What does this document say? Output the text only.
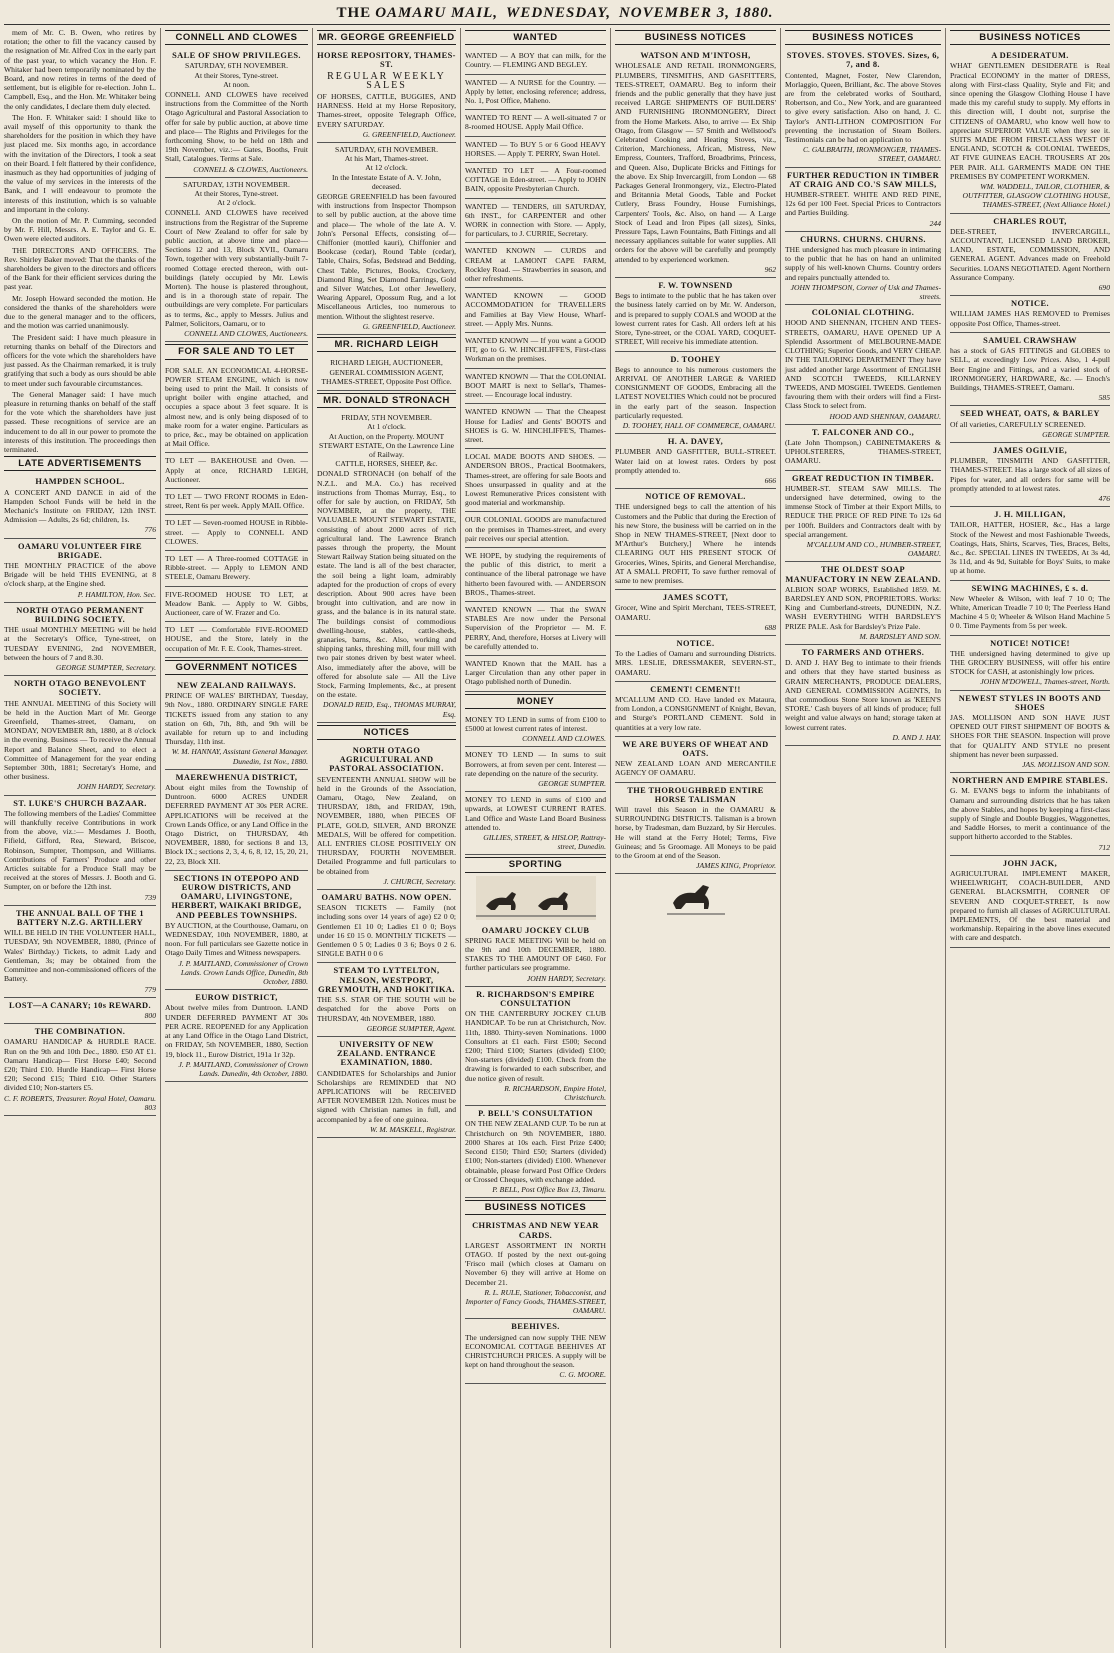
THE OAMARU MAIL, WEDNESDAY, NOVEMBER 3, 1880.

mem of Mr. C. B. Owen, who retires by rotation; the other to fill the vacancy caused by the resignation of Mr. Alfred Cox in the early part of the past year, to which vacancy the Hon. F. Whitaker had been temporarily nominated by the Board, and now retires in terms of the deed of settlement, but is eligible for re-election. John L. Campbell, Esq., and the Hon. Mr. Whitaker being the only candidates, I declare them duly elected.

The Hon. F. Whitaker said: I should like to avail myself of this opportunity to thank the shareholders for the position in which they have just placed me. Six months ago, in accordance with the invitation of the Directors, I took a seat on their Board. I felt flattered by their confidence, inasmuch as they had opportunities of judging of the value of my services in the interests of the Bank, and I will endeavour to promote the interests of this institution, which is so valuable and important in the colony.

On the motion of Mr. P. Cumming, seconded by Mr. F. Hill, Messrs. A. E. Taylor and G. E. Owen were elected auditors.

THE DIRECTORS AND OFFICERS. The Rev. Shirley Baker moved: That the thanks of the shareholders be given to the directors and officers of the Bank for their efficient services during the past year.

Mr. Joseph Howard seconded the motion. He considered the thanks of the shareholders were due to the general manager and to the officers, and the motion was carried unanimously.

The President said: I have much pleasure in returning thanks on behalf of the Directors and officers for the vote which the shareholders have just passed. As the Chairman remarked, it is truly gratifying that such a body as ours should be able to meet under such favourable circumstances.

The General Manager said: I have much pleasure in returning thanks on behalf of the staff for the vote which the shareholders have just passed. These recognitions of service are an inducement to do all in our power to promote the interests of this institution. The proceedings then terminated.

LATE ADVERTISEMENTS
HAMPDEN SCHOOL.

A CONCERT AND DANCE in aid of the Hampden School Funds will be held in the Mechanic's Institute on FRIDAY, 12th INST. Admission — Adults, 2s 6d; children, 1s.

776
OAMARU VOLUNTEER FIRE BRIGADE.

THE MONTHLY PRACTICE of the above Brigade will be held THIS EVENING, at 8 o'clock sharp, at the Engine shed.

P. HAMILTON, Hon. Sec.
NORTH OTAGO PERMANENT BUILDING SOCIETY.

THE usual MONTHLY MEETING will be held at the Secretary's Office, Tyne-street, on TUESDAY EVENING, 2nd NOVEMBER, between the hours of 7 and 8.30.

GEORGE SUMPTER, Secretary.
NORTH OTAGO BENEVOLENT SOCIETY.

THE ANNUAL MEETING of this Society will be held in the Auction Mart of Mr. George Greenfield, Thames-street, Oamaru, on MONDAY, NOVEMBER 8th, 1880, at 8 o'clock in the evening. Business — To receive the Annual Report and Balance Sheet, and to elect a Committee of Management for the year ending September 30th, 1881; Secretary's Home, and other business.

JOHN HARDY, Secretary.
ST. LUKE'S CHURCH BAZAAR.

The following members of the Ladies' Committee will thankfully receive Contributions in work from the above, viz.:— Mesdames J. Booth, Fifield, Gifford, Rea, Steward, Briscoe, Robinson, Sumpter, Thompson, and Williams. Contributions of Farmers' Produce and other Articles suitable for a Produce Stall may be received at the stores of Messrs. J. Booth and G. Sumpter, on or before the 12th inst.

739
THE ANNUAL BALL OF THE 1 BATTERY N.Z.G. ARTILLERY

WILL BE HELD IN THE VOLUNTEER HALL, TUESDAY, 9th NOVEMBER, 1880, (Prince of Wales' Birthday.) Tickets, to admit Lady and Gentleman, 3s; may be obtained from the Committee and non-commissioned officers of the Battery.

779
LOST—A CANARY; 10s REWARD.
800
THE COMBINATION.

OAMARU HANDICAP & HURDLE RACE. Run on the 9th and 10th Dec., 1880. £50 AT £1. Oamaru Handicap— First Horse £40; Second £20; Third £10. Hurdle Handicap— First Horse £20; Second £15; Third £10. Other Starters divided £10; Non-starters £5.

C. F. ROBERTS, Treasurer. Royal Hotel, Oamaru. 803
CONNELL AND CLOWES
SALE OF SHOW PRIVILEGES.
SATURDAY, 6TH NOVEMBER.
At their Stores, Tyne-street.
At noon.

CONNELL AND CLOWES have received instructions from the Committee of the North Otago Agricultural and Pastoral Association to offer for sale by public auction, at above time and place— The Rights and Privileges for the forthcoming Show, to be held on 18th and 19th November, viz.:— Gates, Booths, Fruit Stall, Catalogues. Terms at Sale.

CONNELL & CLOWES, Auctioneers.
SATURDAY, 13TH NOVEMBER.
At their Stores, Tyne-street.
At 2 o'clock.

CONNELL AND CLOWES have received instructions from the Registrar of the Supreme Court of New Zealand to offer for sale by public auction, at above time and place— Sections 12 and 13, Block XVII., Oamaru Town, together with very substantially-built 7-roomed Cottage erected thereon, with out-buildings (lately occupied by Mr. Lewis Morten). The house is plastered throughout, and is in a thorough state of repair. The outbuildings are very complete. For particulars as to terms, &c., apply to Messrs. Julius and Palmer, Solicitors, Oamaru, or to

CONNELL AND CLOWES, Auctioneers.
FOR SALE AND TO LET

FOR SALE. AN ECONOMICAL 4-HORSE-POWER STEAM ENGINE, which is now being used to print the Mail. It consists of upright boiler with engine attached, and occupies a space about 3 feet square. It is almost new, and is only being disposed of to make room for a water engine. Particulars as to price, &c., may be obtained on application at Mail Office.

TO LET — BAKEHOUSE and Oven. — Apply at once, RICHARD LEIGH, Auctioneer.

TO LET — TWO FRONT ROOMS in Eden-street, Rent 6s per week. Apply MAIL Office.

TO LET — Seven-roomed HOUSE in Ribble-street. — Apply to CONNELL AND CLOWES.

TO LET — A Three-roomed COTTAGE in Ribble-street. — Apply to LEMON AND STEELE, Oamaru Brewery.

FIVE-ROOMED HOUSE TO LET, at Meadow Bank. — Apply to W. Gibbs, Auctioneer, care of W. Frazer and Co.

TO LET — Comfortable FIVE-ROOMED HOUSE, and the Store, lately in the occupation of Mr. F. E. Cook, Thames-street.

GOVERNMENT NOTICES
NEW ZEALAND RAILWAYS.

PRINCE OF WALES' BIRTHDAY, Tuesday, 9th Nov., 1880. ORDINARY SINGLE FARE TICKETS issued from any station to any station on 6th, 7th, 8th, and 9th will be available for return up to and including Thursday, 11th inst.

W. M. HANNAY, Assistant General Manager. Dunedin, 1st Nov., 1880.
MAEREWHENUA DISTRICT,

About eight miles from the Township of Duntroon. 6000 ACRES UNDER DEFERRED PAYMENT AT 30s PER ACRE. APPLICATIONS will be received at the Crown Lands Office, or any Land Office in the Otago District, on THURSDAY, 4th NOVEMBER, 1880, for sections 8 and 13, Block IX.; sections 2, 3, 4, 6, 8, 12, 15, 20, 21, 22, 23, Block XII.

SECTIONS IN OTEPOPO AND EUROW DISTRICTS, AND OAMARU, LIVINGSTONE, HERBERT, WAIKAKI BRIDGE, AND PEEBLES TOWNSHIPS.

BY AUCTION, at the Courthouse, Oamaru, on WEDNESDAY, 10th NOVEMBER, 1880, at noon. For full particulars see Gazette notice in Otago Daily Times and Witness newspapers.

J. P. MAITLAND, Commissioner of Crown Lands. Crown Lands Office, Dunedin, 8th October, 1880.
EUROW DISTRICT,

About twelve miles from Duntroon. LAND UNDER DEFERRED PAYMENT AT 30s PER ACRE. REOPENED for any Application at any Land Office in the Otago Land District, on FRIDAY, 5th NOVEMBER, 1880, Section 19, block 11., Eurow District, 191a 1r 32p.

J. P. MAITLAND, Commissioner of Crown Lands. Dunedin, 4th October, 1880.
MR. GEORGE GREENFIELD
HORSE REPOSITORY, THAMES-ST.
REGULAR WEEKLY SALES

OF HORSES, CATTLE, BUGGIES, AND HARNESS. Held at my Horse Repository, Thames-street, opposite Telegraph Office, EVERY SATURDAY.

G. GREENFIELD, Auctioneer.
SATURDAY, 6TH NOVEMBER.
At his Mart, Thames-street.
At 12 o'clock.
In the Intestate Estate of A. V. John, deceased.

GEORGE GREENFIELD has been favoured with instructions from Inspector Thompson to sell by public auction, at the above time and place— The whole of the late A. V. John's Personal Effects, consisting of— Chiffonier (mottled kauri), Chiffonier and Bookcase (cedar), Round Table (cedar), Table, Chairs, Sofas, Bedstead and Bedding, Chest Table, Pictures, Books, Crockery, Diamond Ring, Set Diamond Earrings, Gold and Silver Watches, Lot other Jewellery, Wearing Apparel, Opossum Rug, and a lot Miscellaneous Articles, too numerous to mention. Without the slightest reserve.

G. GREENFIELD, Auctioneer.
MR. RICHARD LEIGH

RICHARD LEIGH, AUCTIONEER, GENERAL COMMISSION AGENT, THAMES-STREET, Opposite Post Office.

MR. DONALD STRONACH
FRIDAY, 5TH NOVEMBER.
At 1 o'clock.
At Auction, on the Property. MOUNT STEWART ESTATE, On the Lawrence Line of Railway.
CATTLE, HORSES, SHEEP, &c.

DONALD STRONACH (on behalf of the N.Z.L. and M.A. Co.) has received instructions from Thomas Murray, Esq., to offer for sale by auction, on FRIDAY, 5th NOVEMBER, at the property, THE VALUABLE MOUNT STEWART ESTATE, consisting of about 2000 acres of rich agricultural land. The Lawrence Branch passes through the property, the Mount Stewart Railway Station being situated on the estate. The land is all of the best character, the soil being a light loam, admirably adapted for the production of crops of every description. About 900 acres have been brought into cultivation, and are now in grass, and the balance is in its natural state. The buildings consist of commodious dwelling-house, stables, cattle-sheds, granaries, barns, &c. Also, working and shipping tanks, threshing mill, four mill with two pair stones driven by best water wheel. Also, immediately after the above, will be offered for absolute sale — All the Live Stock, Farming Implements, &c., at present on the estate.

DONALD REID, Esq., THOMAS MURRAY, Esq.
NOTICES
NORTH OTAGO AGRICULTURAL AND PASTORAL ASSOCIATION.

SEVENTEENTH ANNUAL SHOW will be held in the Grounds of the Association, Oamaru, Otago, New Zealand, on THURSDAY, 18th, and FRIDAY, 19th, NOVEMBER, 1880, when PIECES OF PLATE, GOLD, SILVER, AND BRONZE MEDALS, Will be offered for competition. ALL ENTRIES CLOSE POSITIVELY ON THURSDAY, FOURTH NOVEMBER. Detailed Programme and full particulars to be obtained from

J. CHURCH, Secretary.
OAMARU BATHS. NOW OPEN.

SEASON TICKETS — Family (not including sons over 14 years of age) £2 0 0; Gentlemen £1 10 0; Ladies £1 0 0; Boys under 16 £0 15 0. MONTHLY TICKETS — Gentlemen 0 5 0; Ladies 0 3 6; Boys 0 2 6. SINGLE BATH 0 0 6

STEAM TO LYTTELTON, NELSON, WESTPORT, GREYMOUTH, AND HOKITIKA.

THE S.S. STAR OF THE SOUTH will be despatched for the above Ports on THURSDAY, 4th NOVEMBER, 1880.

GEORGE SUMPTER, Agent.
UNIVERSITY OF NEW ZEALAND. ENTRANCE EXAMINATION, 1880.

CANDIDATES for Scholarships and Junior Scholarships are REMINDED that NO APPLICATIONS will be RECEIVED AFTER NOVEMBER 12th. Notices must be signed with Christian names in full, and accompanied by a fee of one guinea.

W. M. MASKELL, Registrar.
WANTED

WANTED — A BOY that can milk, for the Country. — FLEMING AND BEGLEY.

WANTED — A NURSE for the Country. — Apply by letter, enclosing reference; address, No. 1, Post Office, Maheno.

WANTED TO RENT — A well-situated 7 or 8-roomed HOUSE. Apply Mail Office.

WANTED — To BUY 5 or 6 Good HEAVY HORSES. — Apply T. PERRY, Swan Hotel.

WANTED TO LET — A Four-roomed COTTAGE in Eden-street. — Apply to JOHN BAIN, opposite Presbyterian Church.

WANTED — TENDERS, till SATURDAY, 6th INST., for CARPENTER and other WORK in connection with Store. — Apply, for particulars, to J. CURRIE, Secretary.

WANTED KNOWN — CURDS and CREAM at LAMONT CAPE FARM, Rockley Road. — Strawberries in season, and other refreshments.

WANTED KNOWN — GOOD ACCOMMODATION for TRAVELLERS and Families at Bay View House, Wharf-street. — Apply Mrs. Nunns.

WANTED KNOWN — If you want a GOOD FIT, go to G. W. HINCHLIFFE'S, First-class Workman on the premises.

WANTED KNOWN — That the COLONIAL BOOT MART is next to Sellar's, Thames-street. — Encourage local industry.

WANTED KNOWN — That the Cheapest House for Ladies' and Gents' BOOTS and SHOES is G. W. HINCHLIFFE'S, Thames-street.

LOCAL MADE BOOTS AND SHOES. — ANDERSON BROS., Practical Bootmakers, Thames-street, are offering for sale Boots and Shoes unsurpassed in quality and at the Lowest Remunerative Prices consistent with good material and workmanship.

OUR COLONIAL GOODS are manufactured on the premises in Thames-street, and every pair receives our special attention.

WE HOPE, by studying the requirements of the public of this district, to merit a continuance of the liberal patronage we have hitherto been favoured with. — ANDERSON BROS., Thames-street.

WANTED KNOWN — That the SWAN STABLES Are now under the Personal Supervision of the Proprietor — M. F. PERRY, And, therefore, Horses at Livery will be carefully attended to.

WANTED Known that the MAIL has a Larger Circulation than any other paper in Otago published north of Dunedin.

MONEY

MONEY TO LEND in sums of from £100 to £5000 at lowest current rates of interest.

CONNELL AND CLOWES.

MONEY TO LEND — In sums to suit Borrowers, at from seven per cent. Interest — rate depending on the nature of the security.

GEORGE SUMPTER.

MONEY TO LEND in sums of £100 and upwards, at LOWEST CURRENT RATES. Land Office and Waste Land Board Business attended to.

GILLIES, STREET, & HISLOP, Rattray-street, Dunedin.
SPORTING
OAMARU JOCKEY CLUB

SPRING RACE MEETING Will be held on the 9th and 10th DECEMBER, 1880. STAKES TO THE AMOUNT OF £460. For further particulars see programme.

JOHN HARDY, Secretary.
R. RICHARDSON'S EMPIRE CONSULTATION

ON THE CANTERBURY JOCKEY CLUB HANDICAP. To be run at Christchurch, Nov. 11th, 1880. Thirty-seven Nominations. 1000 Consultors at £1 each. First £500; Second £200; Third £100; Starters (divided) £100; Non-starters (divided) £100. Check from the drawing is forwarded to each subscriber, and due notice given of result.

R. RICHARDSON, Empire Hotel, Christchurch.
P. BELL'S CONSULTATION

ON THE NEW ZEALAND CUP. To be run at Christchurch on 9th NOVEMBER, 1880. 2000 Shares at 10s each. First Prize £400; Second £150; Third £50; Starters (divided) £100; Non-starters (divided) £100. Whenever obtainable, please forward Post Office Orders or Crossed Cheques, with exchange added.

P. BELL, Post Office Box 13, Timaru.
BUSINESS NOTICES
CHRISTMAS AND NEW YEAR CARDS.

LARGEST ASSORTMENT IN NORTH OTAGO. If posted by the next out-going 'Frisco mail (which closes at Oamaru on November 6) they will arrive at Home on December 21.

R. L. RULE, Stationer, Tobacconist, and Importer of Fancy Goods, THAMES-STREET, OAMARU.
BEEHIVES.

The undersigned can now supply THE NEW ECONOMICAL COTTAGE BEEHIVES AT CHRISTCHURCH PRICES. A supply will be kept on hand throughout the season.

C. G. MOORE.
BUSINESS NOTICES
WATSON AND M'INTOSH,

WHOLESALE AND RETAIL IRONMONGERS, PLUMBERS, TINSMITHS, AND GASFITTERS, TEES-STREET, OAMARU. Beg to inform their friends and the public generally that they have just received LARGE SHIPMENTS OF BUILDERS' AND FURNISHING IRONMONGERY, Direct from the Home Markets. Also, to arrive — Ex Ship Otago, from Glasgow — 57 Smith and Wellstood's Celebrated Cooking and Heating Stoves, viz., Criterion, Marchioness, African, Mistress, New Empress, Counters, Trafford, Broadbrims, Princess, and Queen. Also, Duplicate Bricks and Fittings for the above. Ex Ship Invercargill, from London — 68 Packages General Ironmongery, viz., Electro-Plated and Britannia Metal Goods, Table and Pocket Cutlery, Brass Foundry, House Furnishings, Carpenters' Tools, &c. Also, on hand — A Large Stock of Lead and Iron Pipes (all sizes), Sinks, Pressure Taps, Lawn Fountains, Bath Fittings and all necessary appliances suitable for water supplies. All orders for the above will be carefully and promptly attended to by experienced workmen.

962
F. W. TOWNSEND

Begs to intimate to the public that he has taken over the business lately carried on by Mr. W. Anderson, and is prepared to supply COALS and WOOD at the lowest current rates for Cash. All orders left at his Store, Tyne-street, or the COAL YARD, COQUET-STREET, Will receive his immediate attention.

D. TOOHEY

Begs to announce to his numerous customers the ARRIVAL OF ANOTHER LARGE & VARIED CONSIGNMENT OF GOODS, Embracing all the LATEST NOVELTIES Which could not be procured in the early part of the season. Inspection particularly requested.

D. TOOHEY, HALL OF COMMERCE, OAMARU.
H. A. DAVEY,

PLUMBER AND GASFITTER, BULL-STREET. Water laid on at lowest rates. Orders by post promptly attended to.

666
NOTICE OF REMOVAL.

THE undersigned begs to call the attention of his Customers and the Public that during the Erection of his new Store, the business will be carried on in the Shop in NEW THAMES-STREET, [Next door to M'Arthur's Butchery,] Where he intends CLEARING OUT HIS PRESENT STOCK Of Groceries, Wines, Spirits, and General Merchandise, AT A SMALL PROFIT, To save further removal of same to new premises.

JAMES SCOTT,

Grocer, Wine and Spirit Merchant, TEES-STREET, OAMARU.

688
NOTICE.

To the Ladies of Oamaru and surrounding Districts. MRS. LESLIE, DRESSMAKER, SEVERN-ST., OAMARU.

CEMENT! CEMENT!!

M'CALLUM AND CO. Have landed ex Mataura, from London, a CONSIGNMENT of Knight, Bevan, and Sturge's PORTLAND CEMENT. Sold in quantities at a very low rate.

WE ARE BUYERS OF WHEAT AND OATS.

NEW ZEALAND LOAN AND MERCANTILE AGENCY OF OAMARU.

THE THOROUGHBRED ENTIRE HORSE TALISMAN

Will travel this Season in the OAMARU & SURROUNDING DISTRICTS. Talisman is a brown horse, by Tradesman, dam Buzzard, by Sir Hercules. He will stand at the Ferry Hotel; Terms, Five Guineas; and 5s Groomage. All Moneys to be paid to the Groom at end of the Season.

JAMES KING, Proprietor.
BUSINESS NOTICES
STOVES. STOVES. STOVES. Sizes, 6, 7, and 8.

Contented, Magnet, Foster, New Clarendon, Morlaggio, Queen, Brilliant, &c. The above Stoves are from the celebrated works of Southard, Robertson, and Co., New York, and are guaranteed to give every satisfaction. Also on hand, J. C. Taylor's ANTI-LITHON COMPOSITION For preventing the incrustation of Steam Boilers. Testimonials can be had on application to

C. GALBRAITH, IRONMONGER, THAMES-STREET, OAMARU.
FURTHER REDUCTION IN TIMBER AT CRAIG AND CO.'S SAW MILLS,

HUMBER-STREET. WHITE AND RED PINE, 12s 6d per 100 Feet. Special Prices to Contractors and Parties Building.

244
CHURNS. CHURNS. CHURNS.

THE undersigned has much pleasure in intimating to the public that he has on hand an unlimited supply of his well-known Churns. Country orders and repairs punctually attended to.

JOHN THOMPSON, Corner of Usk and Thames-streets.
COLONIAL CLOTHING.

HOOD AND SHENNAN, ITCHEN AND TEES-STREETS, OAMARU, HAVE OPENED UP A Splendid Assortment of MELBOURNE-MADE CLOTHING; Superior Goods, and VERY CHEAP. IN THE TAILORING DEPARTMENT They have just added another large Assortment of ENGLISH AND SCOTCH TWEEDS, KILLARNEY TWEEDS, AND MOSGIEL TWEEDS. Gentlemen favouring them with their orders will find a First-Class Stock to select from.

HOOD AND SHENNAN, OAMARU.
T. FALCONER AND CO.,

(Late John Thompson,) CABINETMAKERS & UPHOLSTERERS, THAMES-STREET, OAMARU.

GREAT REDUCTION IN TIMBER.

HUMBER-ST. STEAM SAW MILLS. The undersigned have determined, owing to the immense Stock of Timber at their Export Mills, to REDUCE THE PRICE OF RED PINE To 12s 6d per 100ft. Builders and Contractors dealt with by special arrangement.

M'CALLUM AND CO., HUMBER-STREET, OAMARU.
THE OLDEST SOAP MANUFACTORY IN NEW ZEALAND.

ALBION SOAP WORKS, Established 1859. M. BARDSLEY AND SON, PROPRIETORS. Works: King and Cumberland-streets, DUNEDIN, N.Z. WASH EVERYTHING WITH BARDSLEY'S PRIZE PALE. Ask for Bardsley's Prize Pale.

M. BARDSLEY AND SON.
TO FARMERS AND OTHERS.

D. AND J. HAY Beg to intimate to their friends and others that they have started business as GRAIN MERCHANTS, PRODUCE DEALERS, AND GENERAL COMMISSION AGENTS, In that commodious Stone Store known as 'KEEN'S STORE.' Cash buyers of all kinds of produce; full weight and value always on hand; storage taken at lowest current rates.

D. AND J. HAY.
BUSINESS NOTICES
A DESIDERATUM.

WHAT GENTLEMEN DESIDERATE is Real Practical ECONOMY in the matter of DRESS, along with First-class Quality, Style and Fit; and since opening the Glasgow Clothing House I have made this my careful study to supply. My efforts in this direction will, I doubt not, surprise the CITIZENS of OAMARU, who know well how to appreciate SUPERIOR VALUE when they see it. SUITS MADE FROM FIRST-CLASS WEST OF ENGLAND, SCOTCH & COLONIAL TWEEDS, AT FIVE GUINEAS EACH. TROUSERS AT 20s PER PAIR. ALL GARMENTS MADE ON THE PREMISES BY COMPETENT WORKMEN.

WM. WADDELL, TAILOR, CLOTHIER, & OUTFITTER, GLASGOW CLOTHING HOUSE, THAMES-STREET, (Next Alliance Hotel.)
CHARLES ROUT,

DEE-STREET, INVERCARGILL, ACCOUNTANT, LICENSED LAND BROKER, LAND, ESTATE, COMMISSION, AND GENERAL AGENT. Advances made on Freehold Securities. LOANS NEGOTIATED. Agent Northern Assurance Company.

690
NOTICE.

WILLIAM JAMES HAS REMOVED to Premises opposite Post Office, Thames-street.

SAMUEL CRAWSHAW

has a stock of GAS FITTINGS and GLOBES to SELL, at exceedingly Low Prices. Also, 1 4-pull Beer Engine and Fittings, and a varied stock of IRONMONGERY, HARDWARE, &c. — Enoch's Buildings, THAMES-STREET, Oamaru.

585
SEED WHEAT, OATS, & BARLEY

Of all varieties, CAREFULLY SCREENED.

GEORGE SUMPTER.
JAMES OGILVIE,

PLUMBER, TINSMITH AND GASFITTER, THAMES-STREET. Has a large stock of all sizes of Pipes for water, and all orders for same will be promptly attended to at lowest rates.

476
J. H. MILLIGAN,

TAILOR, HATTER, HOSIER, &c., Has a large Stock of the Newest and most Fashionable Tweeds, Coatings, Hats, Shirts, Scarves, Ties, Braces, Belts, &c., &c. SPECIAL LINES IN TWEEDS, At 3s 4d, 3s 11d, and 4s 9d, Suitable for Boys' Suits, to make up at home.

SEWING MACHINES, £ s. d.

New Wheeler & Wilson, with leaf 7 10 0; The White, American Treadle 7 10 0; The Peerless Hand Machine 4 5 0; Wheeler & Wilson Hand Machine 5 0 0. Time Payments from 5s per week.

NOTICE! NOTICE!

THE undersigned having determined to give up THE GROCERY BUSINESS, will offer his entire STOCK for CASH, at astonishingly low prices.

JOHN M'DOWELL, Thames-street, North.
NEWEST STYLES IN BOOTS AND SHOES

JAS. MOLLISON AND SON HAVE JUST OPENED OUT FIRST SHIPMENT OF BOOTS & SHOES FOR THE SEASON. Inspection will prove that for QUALITY AND STYLE no present shipment has never been surpassed.

JAS. MOLLISON AND SON.
NORTHERN AND EMPIRE STABLES.

G. M. EVANS begs to inform the inhabitants of Oamaru and surrounding districts that he has taken the above Stables, and hopes by keeping a first-class supply of Single and Double Buggies, Waggonettes, and Saddle Horses, to merit a continuance of the support hitherto accorded to the Stables.

712
JOHN JACK,

AGRICULTURAL IMPLEMENT MAKER, WHEELWRIGHT, COACH-BUILDER, AND GENERAL BLACKSMITH, CORNER OF SEVERN AND COQUET-STREET, Is now prepared to furnish all classes of AGRICULTURAL IMPLEMENTS, Of the best material and workmanship. Repairing in the above lines executed with care and despatch.
